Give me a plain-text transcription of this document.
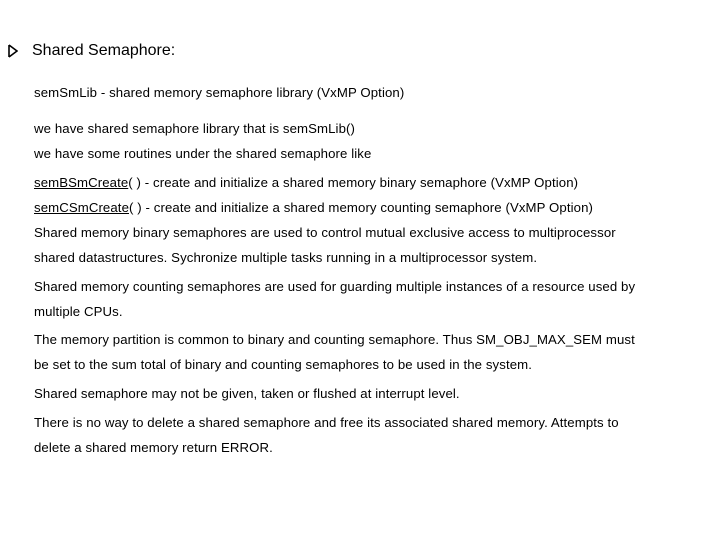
Shared Semaphore:
semSmLib - shared memory semaphore library (VxMP Option)
we have shared semaphore library that is semSmLib()
we have some routines under the shared semaphore like
semBSmCreate( ) - create and initialize a shared memory binary semaphore (VxMP Option)
semCSmCreate( ) - create and initialize a shared memory counting semaphore (VxMP Option)
Shared memory binary semaphores are used to control mutual exclusive access to multiprocessor
shared datastructures. Sychronize multiple tasks running in a multiprocessor system.
Shared memory counting semaphores are used for guarding multiple instances of a resource used by
multiple CPUs.
The memory partition is common to binary and counting semaphore. Thus SM_OBJ_MAX_SEM must
be set to the sum total of binary and counting semaphores to be used in the system.
Shared semaphore may not be given, taken or flushed at interrupt level.
There is no way to delete a shared semaphore and free its associated shared memory. Attempts to
delete a shared memory return ERROR.
